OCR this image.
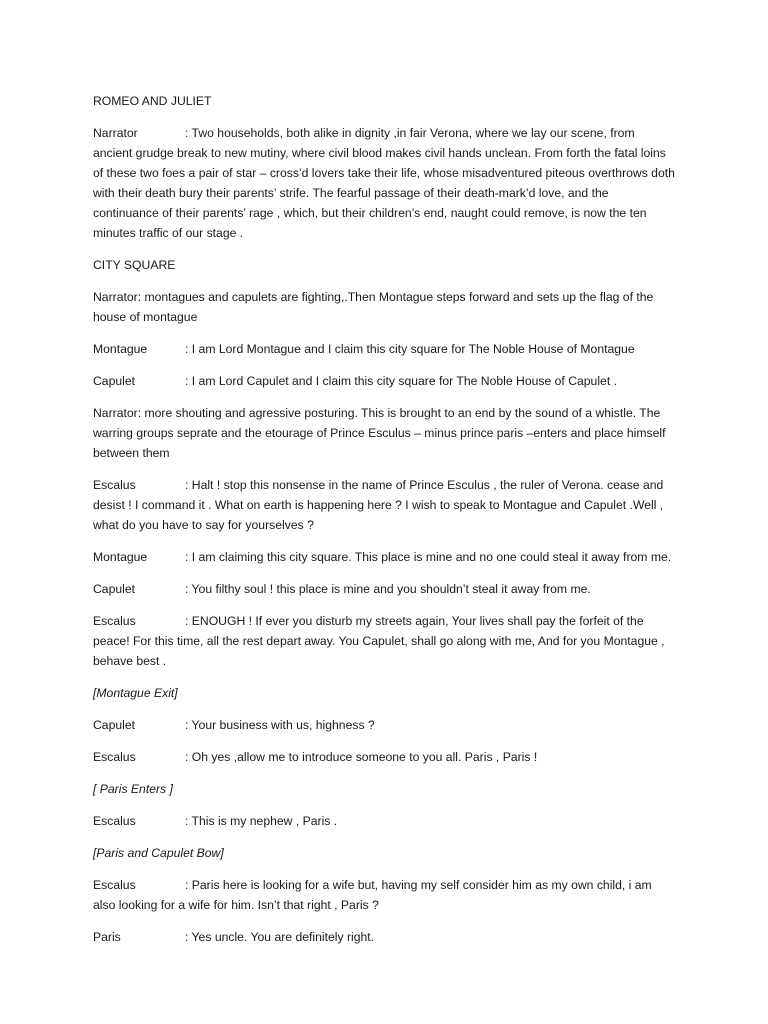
ROMEO AND JULIET

Narrator	: Two households, both alike in dignity ,in fair Verona, where we lay our scene, from ancient grudge break to new mutiny, where civil blood makes civil hands unclean. From forth the fatal loins of these two foes a pair of star – cross’d lovers take their life, whose misadventured piteous overthrows doth with their death bury their parents’ strife. The fearful passage of their death-mark’d love, and the continuance of their parents’ rage , which, but their children’s end, naught could remove, is now the ten minutes traffic of our stage .

CITY SQUARE

Narrator: montagues and capulets are fighting,.Then Montague steps forward and sets up the flag of the house of montague

Montague	: I am Lord Montague and I claim this city square for The Noble House of Montague

Capulet	: I am Lord Capulet and I claim this city square for The Noble House of Capulet .

Narrator: more shouting and agressive posturing. This is brought to an end by the sound of a whistle. The warring groups seprate and the etourage of Prince Esculus – minus prince paris –enters and place himself between them

Escalus	: Halt ! stop this nonsense in the name of Prince Esculus , the ruler of Verona. cease and desist ! I command it . What on earth is happening here ? I wish to speak to Montague and Capulet .Well , what do you have to say for yourselves ?

Montague	: I am claiming this city square. This place is mine and no one could steal it away from me.

Capulet	: You filthy soul ! this place is mine and you shouldn’t steal it away from me.

Escalus	: ENOUGH ! If ever you disturb my streets again, Your lives shall pay the forfeit of the peace! For this time, all the rest depart away. You Capulet, shall go along with me, And for you Montague , behave best .

[Montague Exit]

Capulet	: Your business with us, highness ?

Escalus	: Oh yes ,allow me to introduce someone to you all. Paris , Paris !

[ Paris Enters ]

Escalus	: This is my nephew , Paris .

[Paris and Capulet Bow]

Escalus	: Paris here is looking for a wife but, having my self consider him as my own child, i am also looking for a wife for him. Isn’t that right , Paris ?

Paris	: Yes uncle. You are definitely right.
